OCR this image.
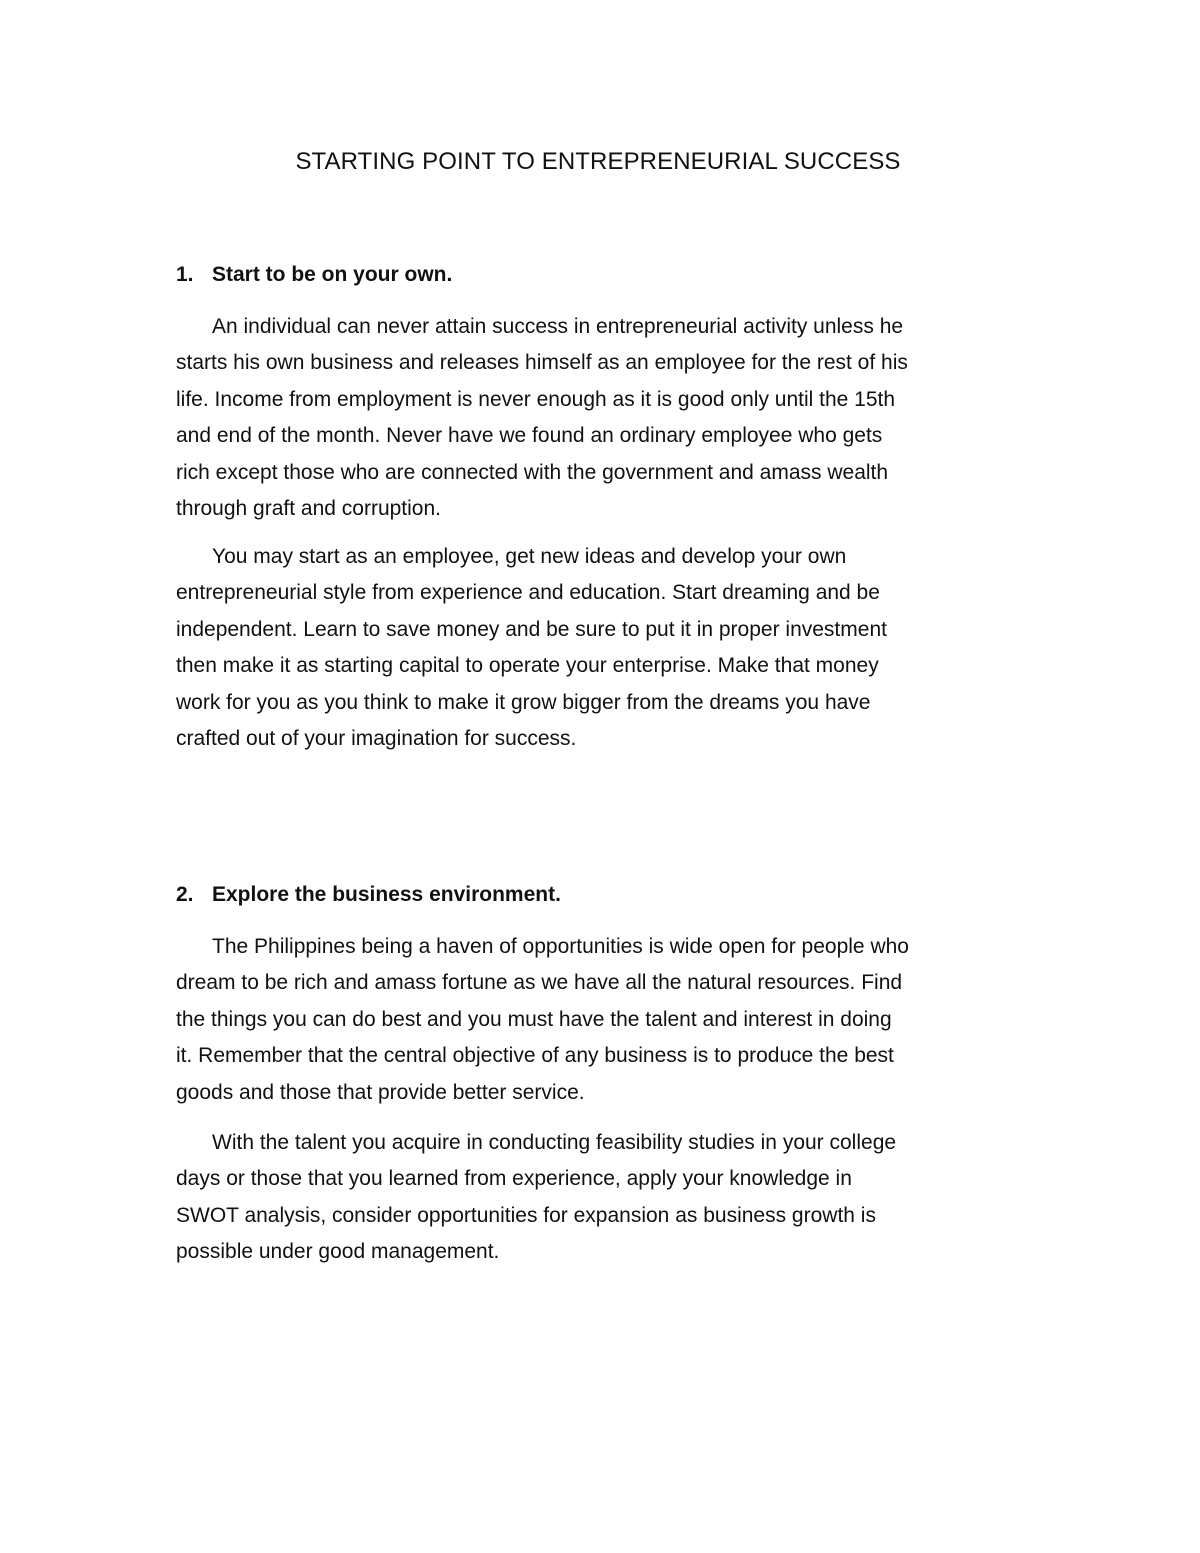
STARTING POINT TO ENTREPRENEURIAL SUCCESS
1. Start to be on your own.
An individual can never attain success in entrepreneurial activity unless he
starts his own business and releases himself as an employee for the rest of his
life. Income from employment is never enough as it is good only until the 15th
and end of the month. Never have we found an ordinary employee who gets
rich except those who are connected with the government and amass wealth
through graft and corruption.
You may start as an employee, get new ideas and develop your own
entrepreneurial style from experience and education. Start dreaming and be
independent. Learn to save money and be sure to put it in proper investment
then make it as starting capital to operate your enterprise. Make that money
work for you as you think to make it grow bigger from the dreams you have
crafted out of your imagination for success.
2. Explore the business environment.
The Philippines being a haven of opportunities is wide open for people who
dream to be rich and amass fortune as we have all the natural resources. Find
the things you can do best and you must have the talent and interest in doing
it. Remember that the central objective of any business is to produce the best
goods and those that provide better service.
With the talent you acquire in conducting feasibility studies in your college
days or those that you learned from experience, apply your knowledge in
SWOT analysis, consider opportunities for expansion as business growth is
possible under good management.
